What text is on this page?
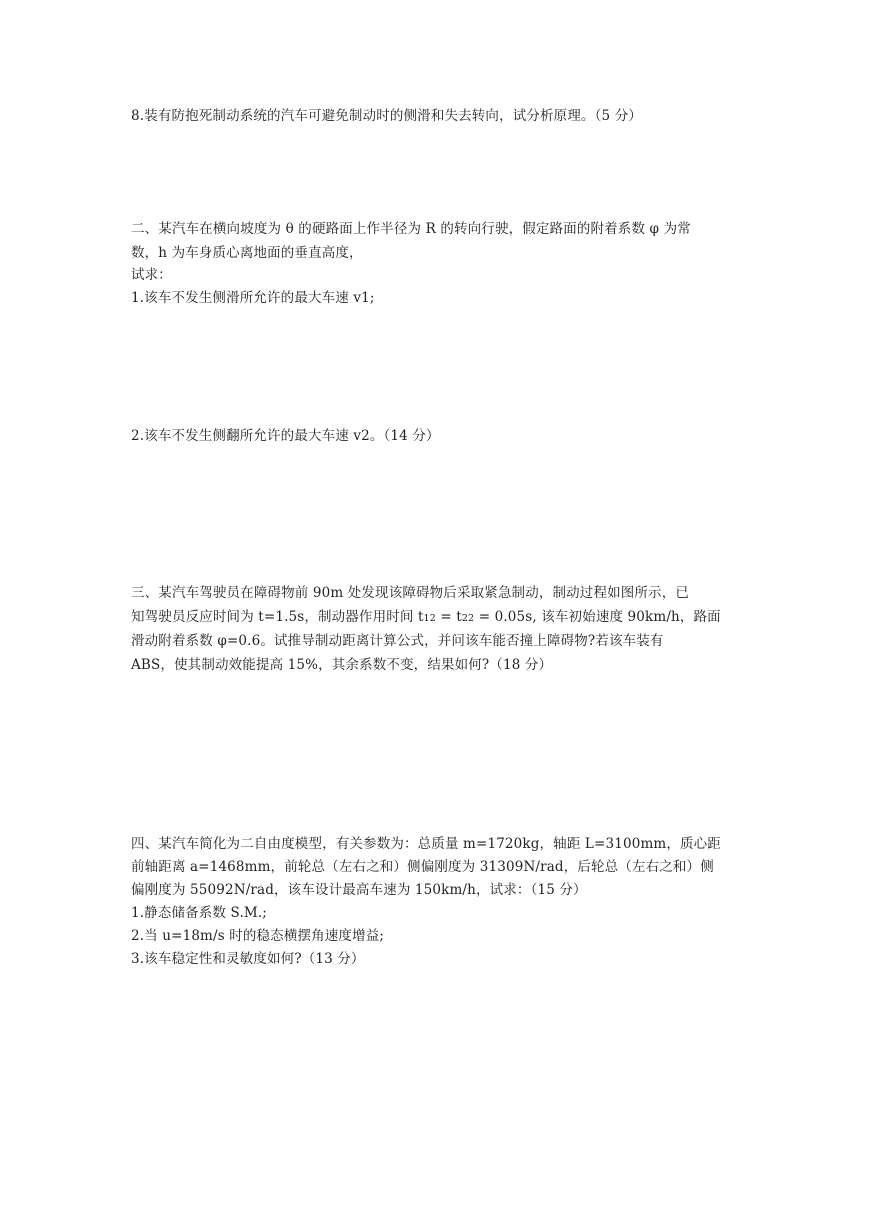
8.装有防抱死制动系统的汽车可避免制动时的侧滑和失去转向，试分析原理。（5 分）
二、某汽车在横向坡度为 θ 的硬路面上作半径为 R 的转向行驶，假定路面的附着系数 φ 为常
数，h 为车身质心离地面的垂直高度，
试求：
1.该车不发生侧滑所允许的最大车速 v1;
2.该车不发生侧翻所允许的最大车速 v2。（14 分）
三、某汽车驾驶员在障碍物前 90m 处发现该障碍物后采取紧急制动，制动过程如图所示，已
知驾驶员反应时间为 t=1.5s，制动器作用时间 t12 = t22 = 0.05s, 该车初始速度 90km/h，路面
滑动附着系数 φ=0.6。试推导制动距离计算公式，并问该车能否撞上障碍物?若该车装有
ABS，使其制动效能提高 15%，其余系数不变，结果如何?（18 分）
四、某汽车简化为二自由度模型，有关参数为：总质量 m=1720kg，轴距 L=3100mm，质心距
前轴距离 a=1468mm，前轮总（左右之和）侧偏刚度为 31309N/rad，后轮总（左右之和）侧
偏刚度为 55092N/rad，该车设计最高车速为 150km/h，试求：（15 分）
1.静态储备系数 S.M.;
2.当 u=18m/s 时的稳态横摆角速度增益;
3.该车稳定性和灵敏度如何?（13 分）
